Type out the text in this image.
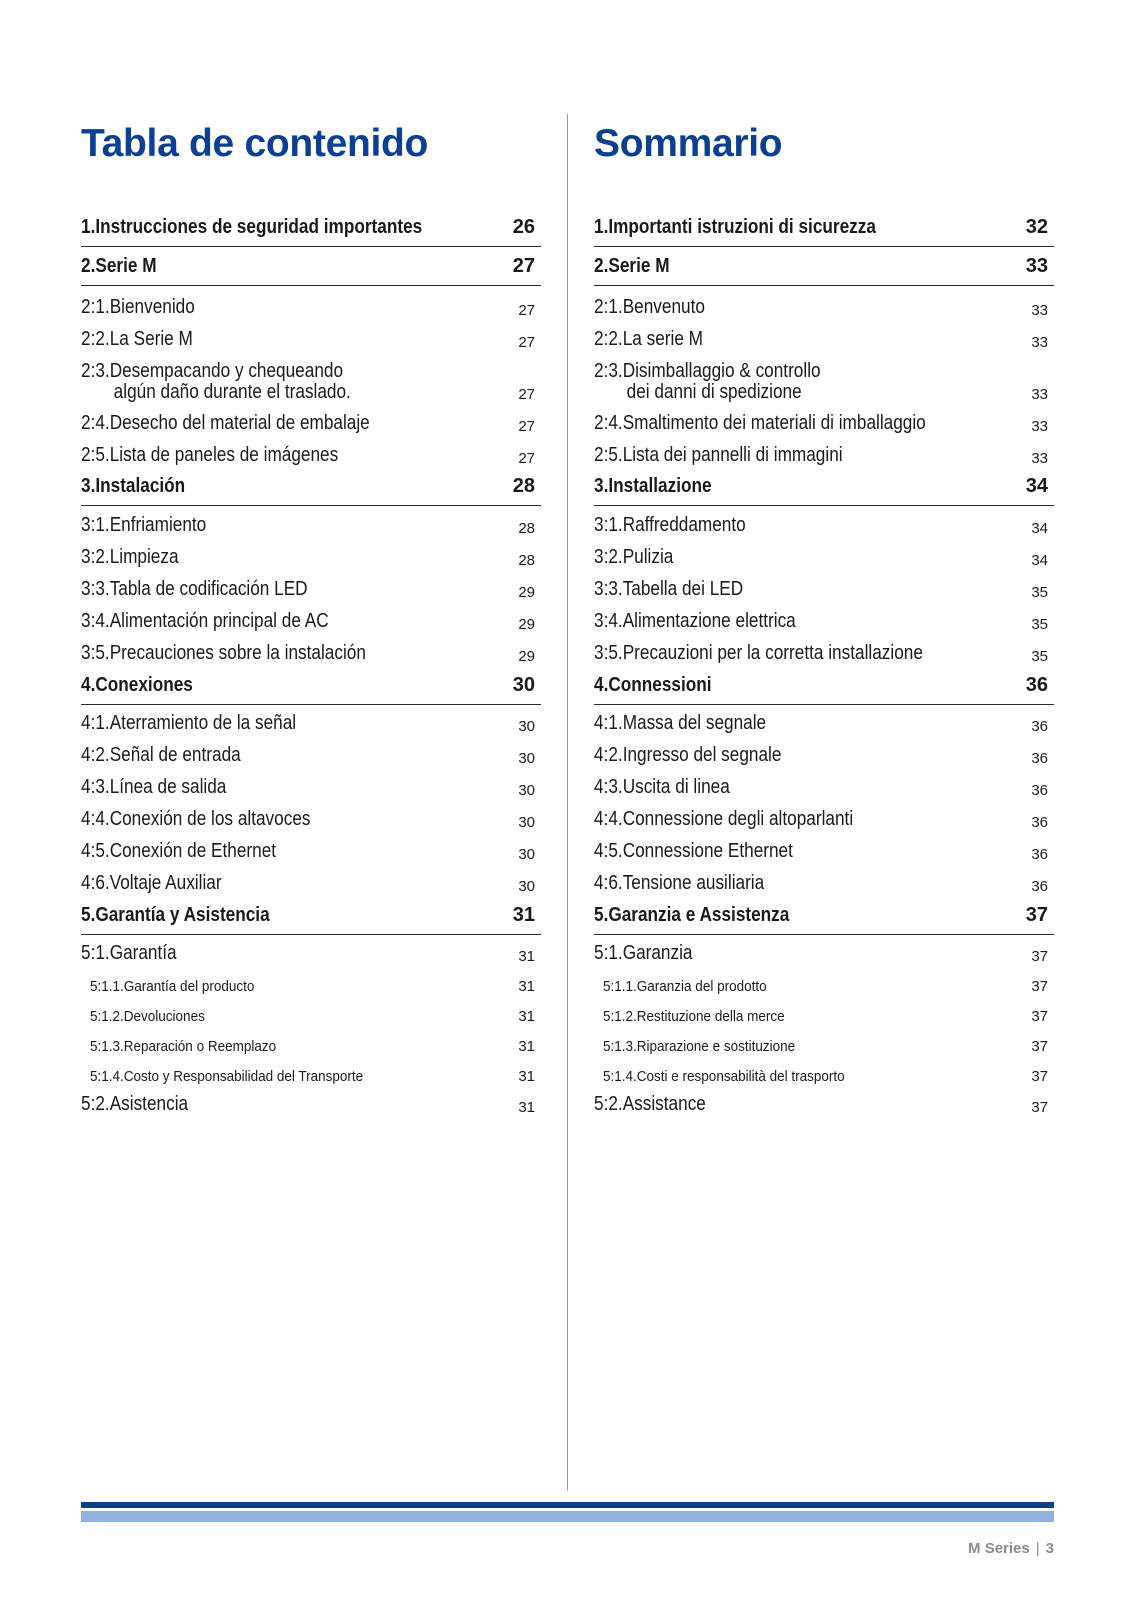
Tabla de contenido
1.Instrucciones de seguridad importantes	26
2.Serie M	27
2:1.Bienvenido	27
2:2.La Serie M	27
2:3.Desempacando y chequeando
algún daño durante el traslado.	27
2:4.Desecho del material de embalaje	27
2:5.Lista de paneles de imágenes	27
3.Instalación	28
3:1.Enfriamiento	28
3:2.Limpieza	28
3:3.Tabla de codificación LED	29
3:4.Alimentación principal de AC	29
3:5.Precauciones sobre la instalación	29
4.Conexiones	30
4:1.Aterramiento de la señal	30
4:2.Señal de entrada	30
4:3.Línea de salida	30
4:4.Conexión de los altavoces	30
4:5.Conexión de Ethernet	30
4:6.Voltaje Auxiliar	30
5.Garantía y Asistencia	31
5:1.Garantía	31
5:1.1.Garantía del producto	31
5:1.2.Devoluciones	31
5:1.3.Reparación o Reemplazo	31
5:1.4.Costo y Responsabilidad del Transporte	31
5:2.Asistencia	31
Sommario
1.Importanti istruzioni di sicurezza	32
2.Serie M	33
2:1.Benvenuto	33
2:2.La serie M	33
2:3.Disimballaggio & controllo
dei danni di spedizione	33
2:4.Smaltimento dei materiali di imballaggio	33
2:5.Lista dei pannelli di immagini	33
3.Installazione	34
3:1.Raffreddamento	34
3:2.Pulizia	34
3:3.Tabella dei LED	35
3:4.Alimentazione elettrica	35
3:5.Precauzioni per la corretta installazione	35
4.Connessioni	36
4:1.Massa del segnale	36
4:2.Ingresso del segnale	36
4:3.Uscita di linea	36
4:4.Connessione degli altoparlanti	36
4:5.Connessione Ethernet	36
4:6.Tensione ausiliaria	36
5.Garanzia e Assistenza	37
5:1.Garanzia	37
5:1.1.Garanzia del prodotto	37
5:1.2.Restituzione della merce	37
5:1.3.Riparazione e sostituzione	37
5:1.4.Costi e responsabilità del trasporto	37
5:2.Assistance	37
M Series | 3
